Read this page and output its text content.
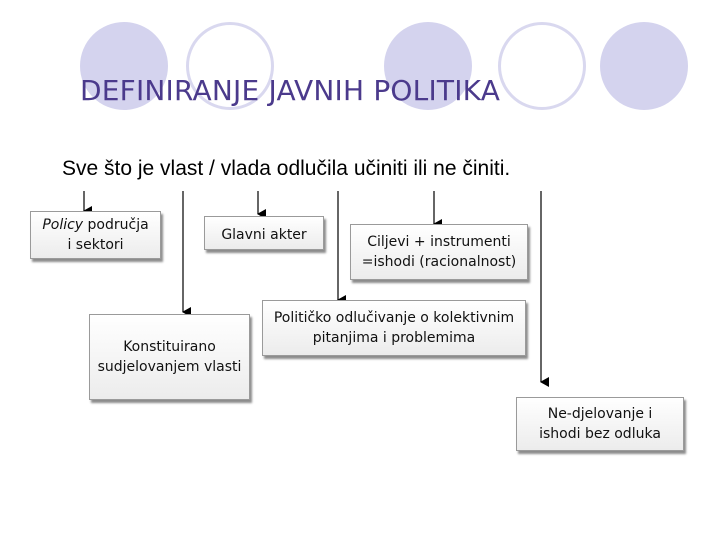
DEFINIRANJE JAVNIH POLITIKA
Sve što je vlast / vlada odlučila učiniti ili ne činiti.
Policy područja
i sektori
Glavni akter	Ciljevi + instrumenti
=ishodi (racionalnost)
Konstituirano
sudjelovanjem vlasti
Političko odlučivanje o kolektivnim
pitanjima i problemima
Ne-djelovanje i
ishodi bez odluka
